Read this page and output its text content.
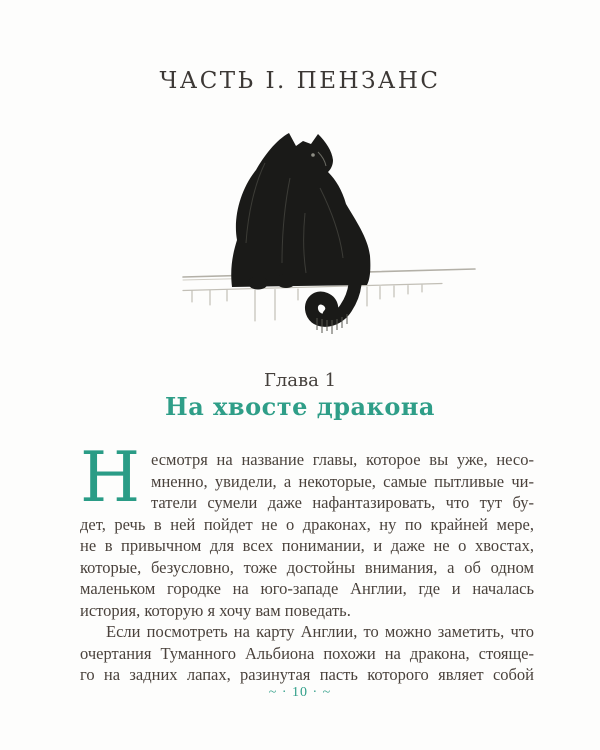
ЧАСТЬ I. ПЕНЗАНС
Глава 1
На хвосте дракона
Н есмотря на название главы, которое вы уже, несо-
мненно, увидели, а некоторые, самые пытливые чи-
татели сумели даже нафантазировать, что тут бу-
дет, речь в ней пойдет не о драконах, ну по крайней мере,
не в привычном для всех понимании, и даже не о хвостах,
которые, безусловно, тоже достойны внимания, а об одном
маленьком городке на юго-западе Англии, где и началась
история, которую я хочу вам поведать.
Если посмотреть на карту Англии, то можно заметить, что
очертания Туманного Альбиона похожи на дракона, стояще-
го на задних лапах, разинутая пасть которого являет собой
~ · 10 · ~
